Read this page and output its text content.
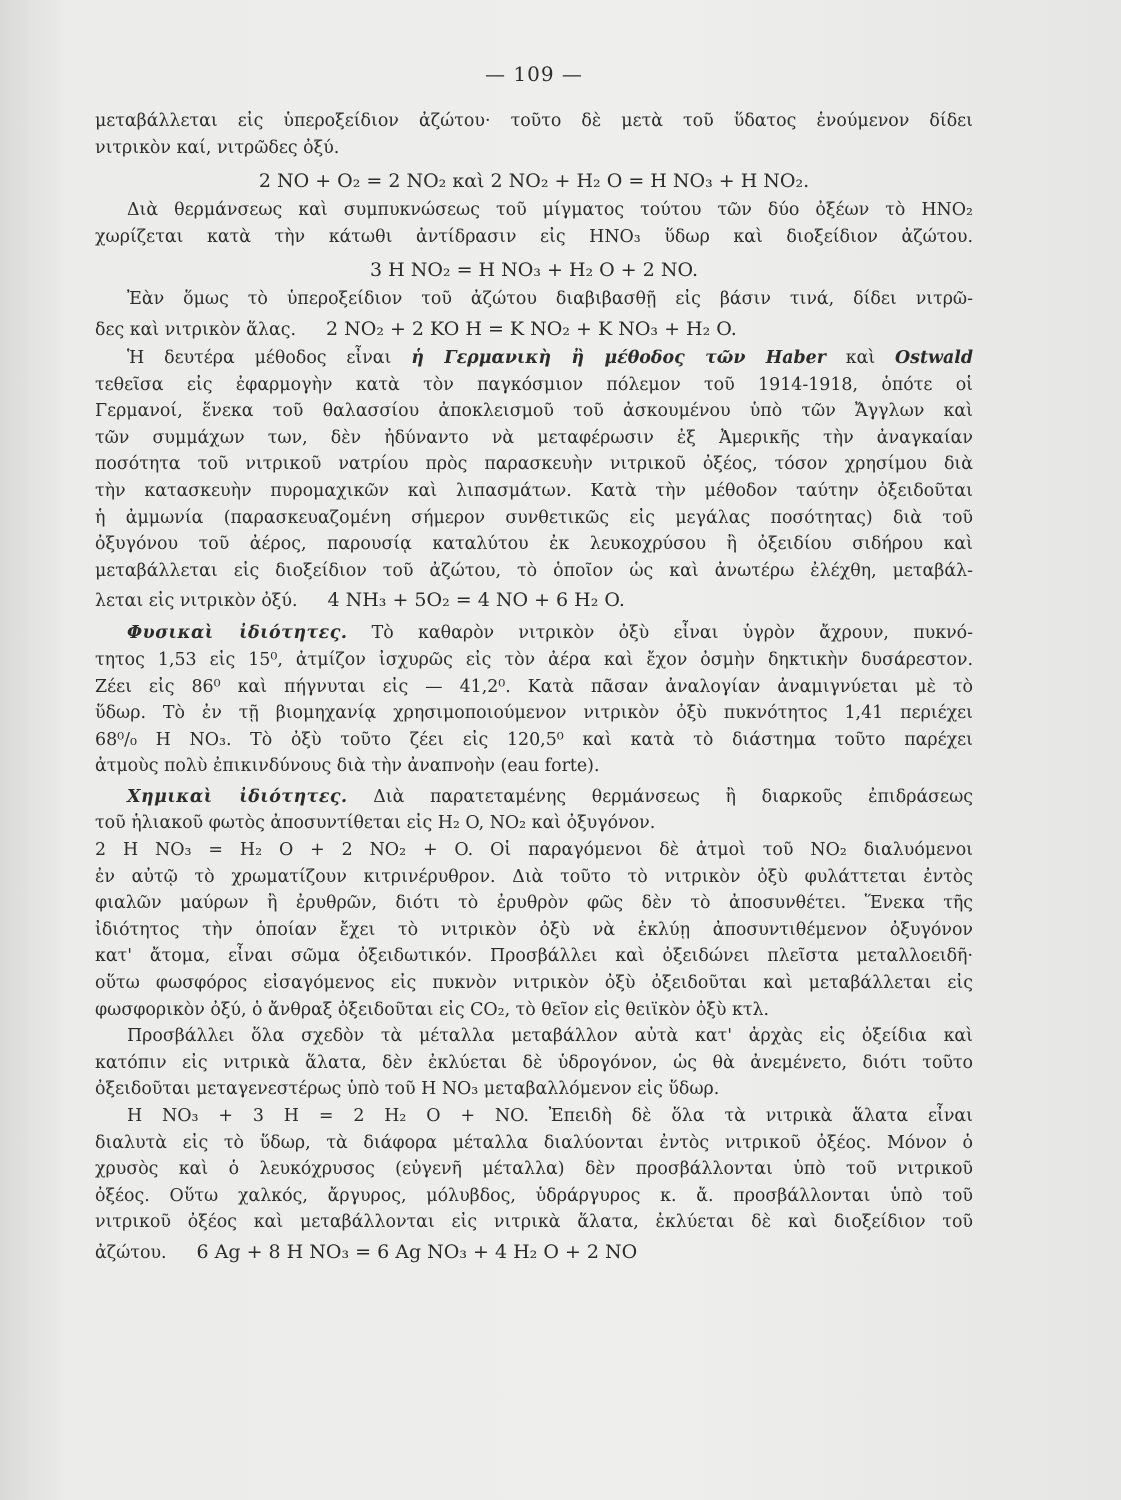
— 109 —

μεταβάλλεται εἰς ὑπεροξείδιον ἀζώτου· τοῦτο δὲ μετὰ τοῦ ὕδατος ἑνούμενον δίδει

νιτρικὸν καί, νιτρῶδες ὀξύ.

2 NO + O₂ = 2 NO₂ καὶ 2 NO₂ + H₂ O = H NO₃ + H NO₂.

Διὰ θερμάνσεως καὶ συμπυκνώσεως τοῦ μίγματος τούτου τῶν δύο ὀξέων τὸ HNO₂

χωρίζεται κατὰ τὴν κάτωθι ἀντίδρασιν εἰς HNO₃ ὕδωρ καὶ διοξείδιον ἀζώτου.

3 H NO₂ = H NO₃ + H₂ O + 2 NO.

Ἐὰν ὅμως τὸ ὑπεροξείδιον τοῦ ἀζώτου διαβιβασθῇ εἰς βάσιν τινά, δίδει νιτρῶ-

δες καὶ νιτρικὸν ἅλας. 2 NO₂ + 2 KO H = K NO₂ + K NO₃ + H₂ O.

Ἡ δευτέρα μέθοδος εἶναι ἡ Γερμανικὴ ἢ μέθοδος τῶν Haber καὶ Ostwald

τεθεῖσα εἰς ἐφαρμογὴν κατὰ τὸν παγκόσμιον πόλεμον τοῦ 1914-1918, ὁπότε οἱ

Γερμανοί, ἕνεκα τοῦ θαλασσίου ἀποκλεισμοῦ τοῦ ἀσκουμένου ὑπὸ τῶν Ἄγγλων καὶ

τῶν συμμάχων των, δὲν ἠδύναντο νὰ μεταφέρωσιν ἐξ Ἀμερικῆς τὴν ἀναγκαίαν

ποσότητα τοῦ νιτρικοῦ νατρίου πρὸς παρασκευὴν νιτρικοῦ ὀξέος, τόσον χρησίμου διὰ

τὴν κατασκευὴν πυρομαχικῶν καὶ λιπασμάτων. Κατὰ τὴν μέθοδον ταύτην ὀξειδοῦται

ἡ ἀμμωνία (παρασκευαζομένη σήμερον συνθετικῶς εἰς μεγάλας ποσότητας) διὰ τοῦ

ὀξυγόνου τοῦ ἀέρος, παρουσίᾳ καταλύτου ἐκ λευκοχρύσου ἢ ὀξειδίου σιδήρου καὶ

μεταβάλλεται εἰς διοξείδιον τοῦ ἀζώτου, τὸ ὁποῖον ὡς καὶ ἀνωτέρω ἐλέχθη, μεταβάλ-

λεται εἰς νιτρικὸν ὀξύ. 4 NH₃ + 5O₂ = 4 NO + 6 H₂ O.

Φυσικαὶ ἰδιότητες. Τὸ καθαρὸν νιτρικὸν ὀξὺ εἶναι ὑγρὸν ἄχρουν, πυκνό-

τητος 1,53 εἰς 15⁰, ἀτμίζον ἰσχυρῶς εἰς τὸν ἀέρα καὶ ἔχον ὀσμὴν δηκτικὴν δυσάρεστον.

Ζέει εἰς 86⁰ καὶ πήγνυται εἰς — 41,2⁰. Κατὰ πᾶσαν ἀναλογίαν ἀναμιγνύεται μὲ τὸ

ὕδωρ. Τὸ ἐν τῇ βιομηχανίᾳ χρησιμοποιούμενον νιτρικὸν ὀξὺ πυκνότητος 1,41 περιέχει

68⁰/₀ H NO₃. Τὸ ὀξὺ τοῦτο ζέει εἰς 120,5⁰ καὶ κατὰ τὸ διάστημα τοῦτο παρέχει

ἀτμοὺς πολὺ ἐπικινδύνους διὰ τὴν ἀναπνοὴν (eau forte).

Χημικαὶ ἰδιότητες. Διὰ παρατεταμένης θερμάνσεως ἢ διαρκοῦς ἐπιδράσεως

τοῦ ἡλιακοῦ φωτὸς ἀποσυντίθεται εἰς H₂ O, NO₂ καὶ ὀξυγόνον.

2 H NO₃ = H₂ O + 2 NO₂ + O. Οἱ παραγόμενοι δὲ ἀτμοὶ τοῦ NO₂ διαλυόμενοι

ἐν αὐτῷ τὸ χρωματίζουν κιτρινέρυθρον. Διὰ τοῦτο τὸ νιτρικὸν ὀξὺ φυλάττεται ἐντὸς

φιαλῶν μαύρων ἢ ἐρυθρῶν, διότι τὸ ἐρυθρὸν φῶς δὲν τὸ ἀποσυνθέτει. Ἕνεκα τῆς

ἰδιότητος τὴν ὁποίαν ἔχει τὸ νιτρικὸν ὀξὺ νὰ ἐκλύῃ ἀποσυντιθέμενον ὀξυγόνον

κατ' ἄτομα, εἶναι σῶμα ὀξειδωτικόν. Προσβάλλει καὶ ὀξειδώνει πλεῖστα μεταλλοειδῆ·

οὕτω φωσφόρος εἰσαγόμενος εἰς πυκνὸν νιτρικὸν ὀξὺ ὀξειδοῦται καὶ μεταβάλλεται εἰς

φωσφορικὸν ὀξύ, ὁ ἄνθραξ ὀξειδοῦται εἰς CO₂, τὸ θεῖον εἰς θειϊκὸν ὀξὺ κτλ.

Προσβάλλει ὅλα σχεδὸν τὰ μέταλλα μεταβάλλον αὐτὰ κατ' ἀρχὰς εἰς ὀξείδια καὶ

κατόπιν εἰς νιτρικὰ ἅλατα, δὲν ἐκλύεται δὲ ὑδρογόνον, ὡς θὰ ἀνεμένετο, διότι τοῦτο

ὀξειδοῦται μεταγενεστέρως ὑπὸ τοῦ H NO₃ μεταβαλλόμενον εἰς ὕδωρ.

H NO₃ + 3 H = 2 H₂ O + NO. Ἐπειδὴ δὲ ὅλα τὰ νιτρικὰ ἅλατα εἶναι

διαλυτὰ εἰς τὸ ὕδωρ, τὰ διάφορα μέταλλα διαλύονται ἐντὸς νιτρικοῦ ὀξέος. Μόνον ὁ

χρυσὸς καὶ ὁ λευκόχρυσος (εὐγενῆ μέταλλα) δὲν προσβάλλονται ὑπὸ τοῦ νιτρικοῦ

ὀξέος. Οὕτω χαλκός, ἄργυρος, μόλυβδος, ὑδράργυρος κ. ἄ. προσβάλλονται ὑπὸ τοῦ

νιτρικοῦ ὀξέος καὶ μεταβάλλονται εἰς νιτρικὰ ἅλατα, ἐκλύεται δὲ καὶ διοξείδιον τοῦ

ἀζώτου. 6 Ag + 8 H NO₃ = 6 Ag NO₃ + 4 H₂ O + 2 NO
